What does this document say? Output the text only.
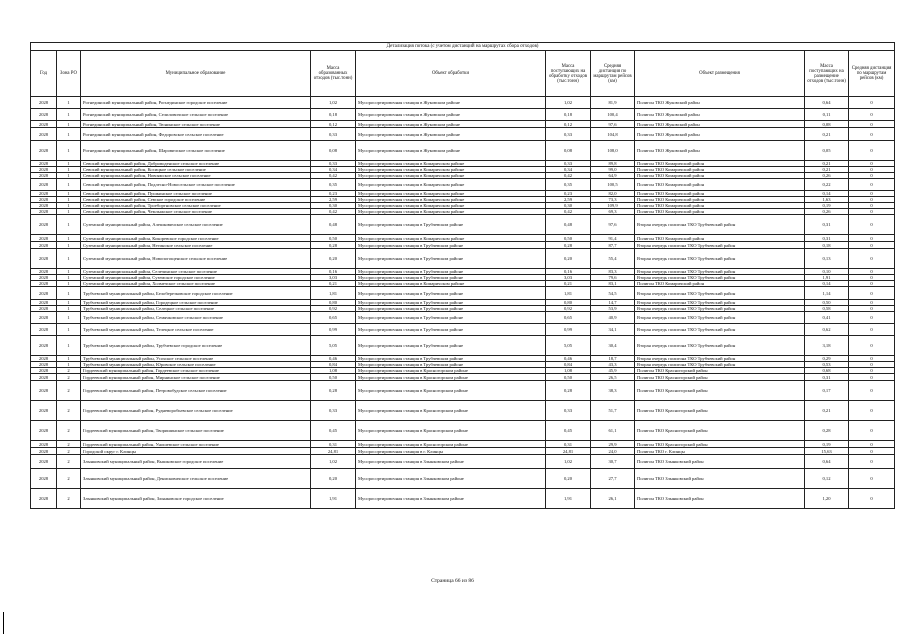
Детализация потока (с учетом дистанций на маршрутах сбора отходов)									
Год	Зона РО	Муниципальное образование	Масса образованных отходов (тыс.тонн)	Объект обработки	Масса поступающих на обработку отходов (тыс.тонн)	Средняя дистанция по маршрутам рейсов (км)	Объект размещения	Масса поступающих на размещение отходов (тыс.тонн)	Средняя дистанция по маршрутам рейсов (км)
2028	1	Рогнединский муниципальный район, Рогнединское городское поселение	1,02	Мусоросортировочная станция в Жуковском районе	1,02	81,9	Полигон ТКО Жуковский район	0,64	0
2028	1	Рогнединский муниципальный район, Селиловичское сельское поселение	0,18	Мусоросортировочная станция в Жуковском районе	0,18	100,4	Полигон ТКО Жуковский район	0,11	0
2028	1	Рогнединский муниципальный район, Тюнинское сельское поселение	0,12	Мусоросортировочная станция в Жуковском районе	0,12	97,6	Полигон ТКО Жуковский район	0,08	0
2028	1	Рогнединский муниципальный район, Федоровское сельское поселение	0,33	Мусоросортировочная станция в Жуковском районе	0,33	104,8	Полигон ТКО Жуковский район	0,21	0
2028	1	Рогнединский муниципальный район, Шаровичское сельское поселение	0,08	Мусоросортировочная станция в Жуковском районе	0,08	108,0	Полигон ТКО Жуковский район	0,05	0
2028	1	Севский муниципальный район, Доброводенское сельское поселение	0,33	Мусоросортировочная станция в Комаричском районе	0,33	89,8	Полигон ТКО Комаричский район	0,21	0
2028	1	Севский муниципальный район, Косицкое сельское поселение	0,34	Мусоросортировочная станция в Комаричском районе	0,34	99,0	Полигон ТКО Комаричский район	0,21	0
2028	1	Севский муниципальный район, Новоямское сельское поселение	0,42	Мусоросортировочная станция в Комаричском районе	0,42	64,9	Полигон ТКО Комаричский район	0,26	0
2028	1	Севский муниципальный район, Подлесно-Новосельское сельское поселение	0,35	Мусоросортировочная станция в Комаричском районе	0,35	100,5	Полигон ТКО Комаричский район	0,22	0
2028	1	Севский муниципальный район, Пушкинское сельское поселение	0,23	Мусоросортировочная станция в Комаричском районе	0,23	82,0	Полигон ТКО Комаричский район	0,14	0
2028	1	Севский муниципальный район, Севское городское поселение	2,59	Мусоросортировочная станция в Комаричском районе	2,59	73,3	Полигон ТКО Комаричский район	1,63	0
2028	1	Севский муниципальный район, Троебортновское сельское поселение	0,30	Мусоросортировочная станция в Комаричском районе	0,30	109,9	Полигон ТКО Комаричский район	0,19	0
2028	1	Севский муниципальный район, Чемлыжское сельское поселение	0,42	Мусоросортировочная станция в Комаричском районе	0,42	69,3	Полигон ТКО Комаричский район	0,26	0
2028	1	Суземский муниципальный район, Алешковичское сельское поселение	0,48	Мусоросортировочная станция в Трубчевском районе	0,48	97,6	Вторая очередь полигона ТКО Трубчевский район	0,31	0
2028	1	Суземский муниципальный район, Кокоревское городское поселение	0,50	Мусоросортировочная станция в Комаричском районе	0,50	91,4	Полигон ТКО Комаричский район	0,31	0
2028	1	Суземский муниципальный район, Негинское сельское поселение	0,28	Мусоросортировочная станция в Трубчевском районе	0,28	87,7	Вторая очередь полигона ТКО Трубчевский район	0,18	0
2028	1	Суземский муниципальный район, Новопогощенское сельское поселение	0,20	Мусоросортировочная станция в Трубчевском районе	0,20	55,4	Вторая очередь полигона ТКО Трубчевский район	0,13	0
2028	1	Суземский муниципальный район, Селечинское сельское поселение	0,16	Мусоросортировочная станция в Трубчевском районе	0,16	83,3	Вторая очередь полигона ТКО Трубчевский район	0,10	0
2028	1	Суземский муниципальный район, Суземское городское поселение	3,03	Мусоросортировочная станция в Трубчевском районе	3,03	79,6	Вторая очередь полигона ТКО Трубчевский район	1,91	0
2028	1	Суземский муниципальный район, Холмечское сельское поселение	0,21	Мусоросортировочная станция в Комаричском районе	0,21	83,1	Полигон ТКО Комаричский район	0,14	0
2028	1	Трубчевский муниципальный район, Белоберезковское городское поселение	1,81	Мусоросортировочная станция в Трубчевском районе	1,81	54,5	Вторая очередь полигона ТКО Трубчевский район	1,14	0
2028	1	Трубчевский муниципальный район, Городецкое сельское поселение	0,80	Мусоросортировочная станция в Трубчевском районе	0,80	14,7	Вторая очередь полигона ТКО Трубчевский район	0,50	0
2028	1	Трубчевский муниципальный район, Селецкое сельское поселение	0,92	Мусоросортировочная станция в Трубчевском районе	0,92	53,9	Вторая очередь полигона ТКО Трубчевский район	0,58	0
2028	1	Трубчевский муниципальный район, Семячковское сельское поселение	0,65	Мусоросортировочная станция в Трубчевском районе	0,65	40,9	Вторая очередь полигона ТКО Трубчевский район	0,41	0
2028	1	Трубчевский муниципальный район, Телецкое сельское поселение	0,99	Мусоросортировочная станция в Трубчевском районе	0,99	34,1	Вторая очередь полигона ТКО Трубчевский район	0,62	0
2028	1	Трубчевский муниципальный район, Трубчевское городское поселение	5,05	Мусоросортировочная станция в Трубчевском районе	5,05	30,4	Вторая очередь полигона ТКО Трубчевский район	3,18	0
2028	1	Трубчевский муниципальный район, Усохское сельское поселение	0,46	Мусоросортировочная станция в Трубчевском районе	0,46	18,7	Вторая очередь полигона ТКО Трубчевский район	0,29	0
2028	1	Трубчевский муниципальный район, Юровское сельское поселение	0,84	Мусоросортировочная станция в Трубчевском районе	0,84	43,3	Вторая очередь полигона ТКО Трубчевский район	0,53	0
2028	2	Гордеевский муниципальный район, Гордеевское сельское поселение	1,08	Мусоросортировочная станция в Красногорском районе	1,08	45,9	Полигон ТКО Красногорский район	0,68	0
2028	2	Гордеевский муниципальный район, Мирнинское сельское поселение	0,50	Мусоросортировочная станция в Красногорском районе	0,50	26,5	Полигон ТКО Красногорский район	0,31	0
2028	2	Гордеевский муниципальный район, Петровобудское сельское поселение	0,28	Мусоросортировочная станция в Красногорском районе	0,28	38,3	Полигон ТКО Красногорский район	0,17	0
2028	2	Гордеевский муниципальный район, Рудневоробьевское сельское поселение	0,33	Мусоросортировочная станция в Красногорском районе	0,33	51,7	Полигон ТКО Красногорский район	0,21	0
2028	2	Гордеевский муниципальный район, Творишинское сельское поселение	0,45	Мусоросортировочная станция в Красногорском районе	0,45	61,1	Полигон ТКО Красногорский район	0,28	0
2028	2	Гордеевский муниципальный район, Уношевское сельское поселение	0,31	Мусоросортировочная станция в Красногорском районе	0,31	29,9	Полигон ТКО Красногорский район	0,19	0
2028	2	Городской округ г. Клинцы	24,81	Мусоросортировочная станция в г. Клинцы	24,81	24,0	Полигон ТКО г. Клинцы	15,63	0
2028	2	Злынковский муниципальный район, Вышковское городское поселение	1,02	Мусоросортировочная станция в Злынковском районе	1,02	30,7	Полигон ТКО Злынковский район	0,64	0
2028	2	Злынковский муниципальный район, Денисковичское сельское поселение	0,20	Мусоросортировочная станция в Злынковском районе	0,20	27,7	Полигон ТКО Злынковский район	0,12	0
2028	2	Злынковский муниципальный район, Злынковское городское поселение	1,91	Мусоросортировочная станция в Злынковском районе	1,91	26,1	Полигон ТКО Злынковский район	1,20	0
Страница 66 из 86
